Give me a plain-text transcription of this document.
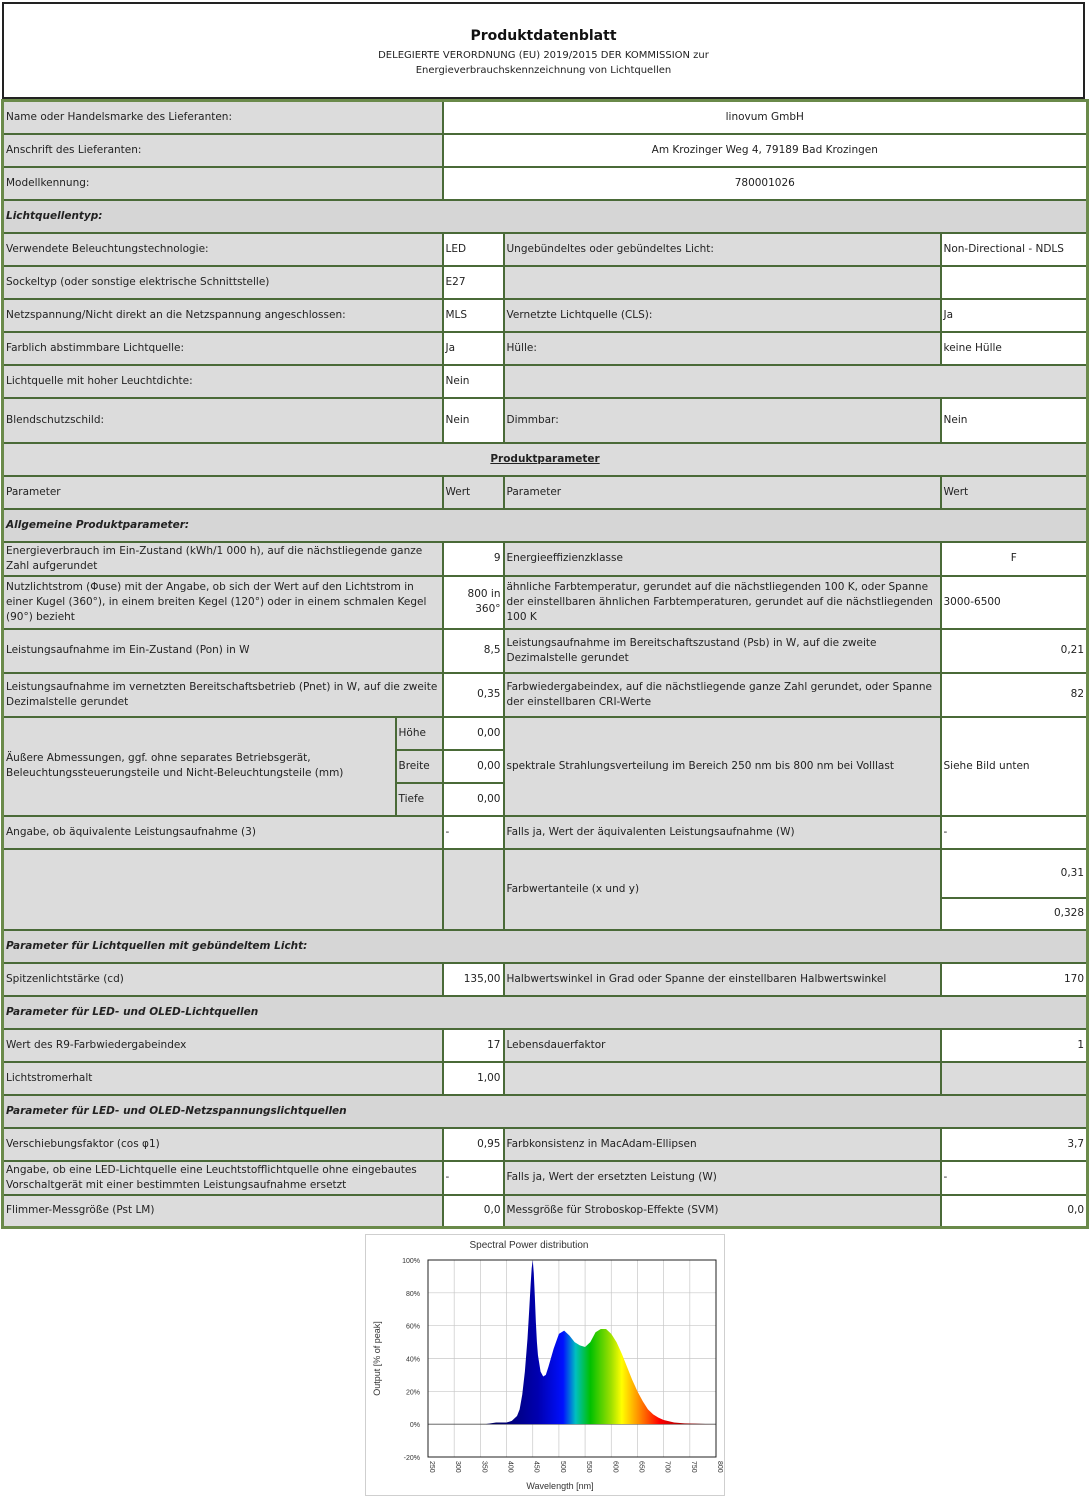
Produktdatenblatt
DELEGIERTE VERORDNUNG (EU) 2019/2015 DER KOMMISSION zur
Energieverbrauchskennzeichnung von Lichtquellen
Name oder Handelsmarke des Lieferanten:		linovum GmbH		
Anschrift des Lieferanten:		Am Krozinger Weg 4, 79189 Bad Krozingen		
Modellkennung:		780001026		
Lichtquellentyp:				
Verwendete Beleuchtungstechnologie:		LED	Ungebündeltes oder gebündeltes Licht:	Non-Directional - NDLS
Sockeltyp (oder sonstige elektrische Schnittstelle)		E27		
Netzspannung/Nicht direkt an die Netzspannung angeschlossen:		MLS	Vernetzte Lichtquelle (CLS):	Ja
Farblich abstimmbare Lichtquelle:		Ja	Hülle:	keine Hülle
Lichtquelle mit hoher Leuchtdichte:		Nein		
Blendschutzschild:		Nein	Dimmbar:	Nein
Produktparameter				
Parameter		Wert	Parameter	Wert
Allgemeine Produktparameter:				
Energieverbrauch im Ein-Zustand (kWh/1 000 h), auf die nächstliegende ganze Zahl aufgerundet		9	Energieeffizienzklasse	F
Nutzlichtstrom (Φuse) mit der Angabe, ob sich der Wert auf den Lichtstrom in einer Kugel (360°), in einem breiten Kegel (120°) oder in einem schmalen Kegel (90°) bezieht		800 in 360°	ähnliche Farbtemperatur, gerundet auf die nächstliegenden 100 K, oder Spanne der einstellbaren ähnlichen Farbtemperaturen, gerundet auf die nächstliegenden 100 K	3000-6500
Leistungsaufnahme im Ein-Zustand (Pon) in W		8,5	Leistungsaufnahme im Bereitschaftszustand (Psb) in W, auf die zweite Dezimalstelle gerundet	0,21
Leistungsaufnahme im vernetzten Bereitschaftsbetrieb (Pnet) in W, auf die zweite Dezimalstelle gerundet		0,35	Farbwiedergabeindex, auf die nächstliegende ganze Zahl gerundet, oder Spanne der einstellbaren CRI-Werte	82
Äußere Abmessungen, ggf. ohne separates Betriebsgerät, Beleuchtungssteuerungsteile und Nicht-Beleuchtungsteile (mm)	Höhe	0,00	spektrale Strahlungsverteilung im Bereich 250 nm bis 800 nm bei Volllast	Siehe Bild unten
	Breite	0,00		
	Tiefe	0,00		
Angabe, ob äquivalente Leistungsaufnahme (3)		-	Falls ja, Wert der äquivalenten Leistungsaufnahme (W)	-
			Farbwertanteile (x und y)	0,31
				0,328
Parameter für Lichtquellen mit gebündeltem Licht:				
Spitzenlichtstärke (cd)		135,00	Halbwertswinkel in Grad oder Spanne der einstellbaren Halbwertswinkel	170
Parameter für LED- und OLED-Lichtquellen				
Wert des R9-Farbwiedergabeindex		17	Lebensdauerfaktor	1
Lichtstromerhalt		1,00		
Parameter für LED- und OLED-Netzspannungslichtquellen				
Verschiebungsfaktor (cos φ1)		0,95	Farbkonsistenz in MacAdam-Ellipsen	3,7
Angabe, ob eine LED-Lichtquelle eine Leuchtstofflichtquelle ohne eingebautes Vorschaltgerät mit einer bestimmten Leistungsaufnahme ersetzt		-	Falls ja, Wert der ersetzten Leistung (W)	-
Flimmer-Messgröße (Pst LM)		0,0	Messgröße für Stroboskop-Effekte (SVM)	0,0
Spectral Power distribution
100%
80%
60%
40%
20%
0%
-20%
250	300	350	400	450	500	550	600	650	700	750	800
Output [% of peak]
Wavelength [nm]
